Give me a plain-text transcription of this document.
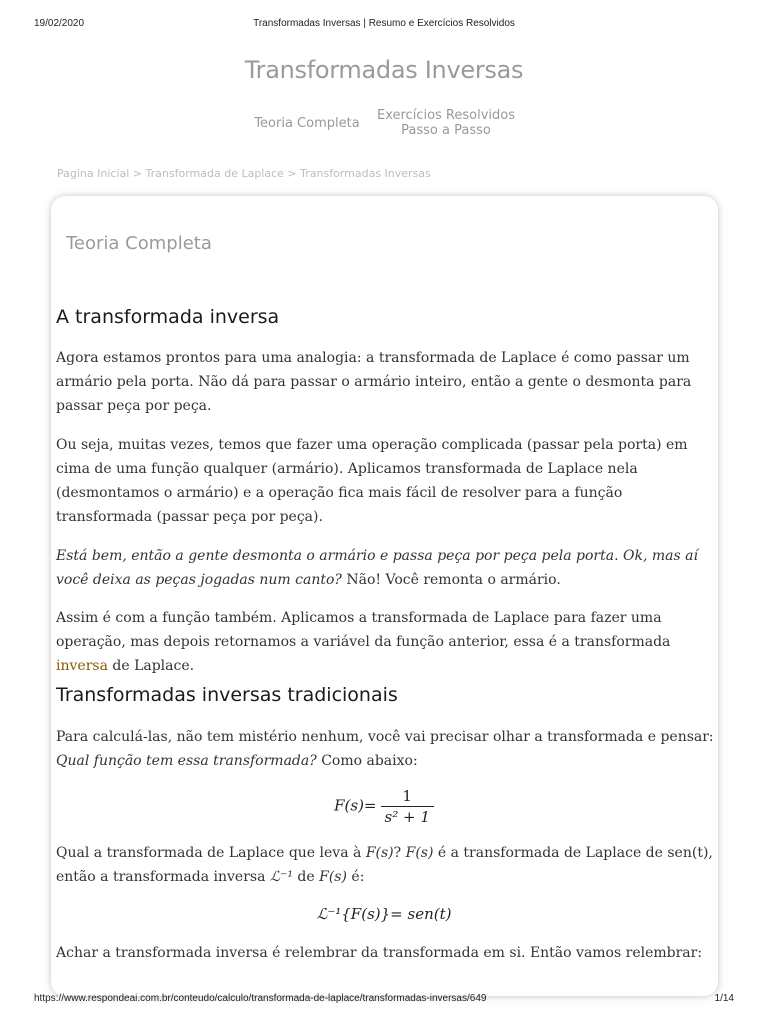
19/02/2020	Transformadas Inversas | Resumo e Exercícios Resolvidos
Transformadas Inversas
Teoria Completa
Exercícios Resolvidos
Passo a Passo
Pagina Inicial > Transformada de Laplace > Transformadas Inversas
Teoria Completa
A transformada inversa

Agora estamos prontos para uma analogia: a transformada de Laplace é como passar um armário pela porta. Não dá para passar o armário inteiro, então a gente o desmonta para passar peça por peça.

Ou seja, muitas vezes, temos que fazer uma operação complicada (passar pela porta) em cima de uma função qualquer (armário). Aplicamos transformada de Laplace nela (desmontamos o armário) e a operação fica mais fácil de resolver para a função transformada (passar peça por peça).

Está bem, então a gente desmonta o armário e passa peça por peça pela porta. Ok, mas aí você deixa as peças jogadas num canto? Não! Você remonta o armário.

Assim é com a função também. Aplicamos a transformada de Laplace para fazer uma operação, mas depois retornamos a variável da função anterior, essa é a transformada inversa de Laplace.

Transformadas inversas tradicionais

Para calculá-las, não tem mistério nenhum, você vai precisar olhar a transformada e pensar: Qual função tem essa transformada? Como abaixo:

$F(s)= \frac{1}{\text{s² + 1}}$

Qual a transformada de Laplace que leva à F(s)? F(s) é a transformada de Laplace de sen(t),
então a transformada inversa ℒ⁻¹ de F(s) é:

ℒ⁻¹{F(s)}= sen(t)

Achar a transformada inversa é relembrar da transformada em si. Então vamos relembrar:

https://www.respondeai.com.br/conteudo/calculo/transformada-de-laplace/transformadas-inversas/649	1/14
